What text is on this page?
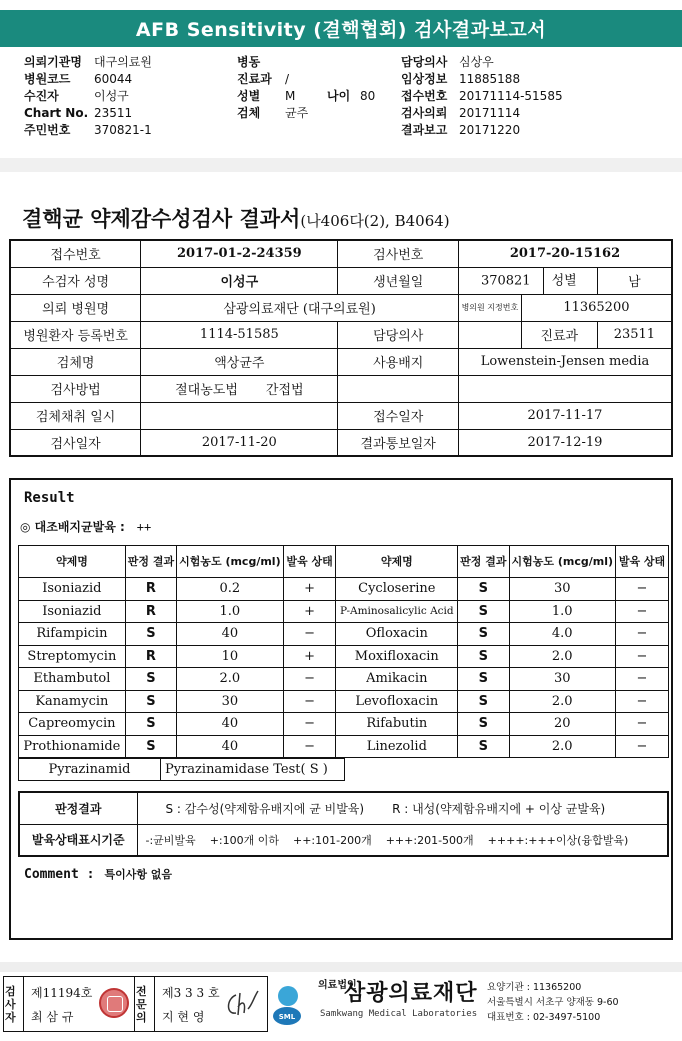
AFB Sensitivity (결핵협회) 검사결과보고서
의뢰기관명	대구의료원
병원코드	60044
수진자	이성구
Chart No. 23511
주민번호	370821-1
병동
진료과	/
성별	M	나이 80
검체	균주
담당의사 심상우
임상정보 11885188
접수번호 20171114-51585
검사의뢰 20171114
결과보고 20171220
결핵균 약제감수성검사 결과서(나406다(2), B4064)
접수번호	2017-01-2-24359	검사번호	2017-20-15162		
수검자 성명	이성구	생년월일	370821 성별		남
의뢰 병원명	삼광의료재단 (대구의료원)		병의원 지정번호	11365200	
병원환자 등록번호	1114-51585	담당의사		진료과	23511
검체명	액상균주	사용배지	Lowenstein-Jensen media		
검사방법	절대농도법 간접법				
검체채취 일시		접수일자	2017-11-17		
검사일자	2017-11-20	결과통보일자	2017-12-19		
Result
◎ 대조배지균발육 : ++
약제명	판정 결과	시험농도 (mcg/ml)	발육 상태	약제명	판정 결과	시험농도 (mcg/ml)	발육 상태
Isoniazid	R	0.2	+	Cycloserine	S	30	−
Isoniazid	R	1.0	+	P-Aminosalicylic Acid	S	1.0	−
Rifampicin	S	40	−	Ofloxacin	S	4.0	−
Streptomycin	R	10	+	Moxifloxacin	S	2.0	−
Ethambutol	S	2.0	−	Amikacin	S	30	−
Kanamycin	S	30	−	Levofloxacin	S	2.0	−
Capreomycin	S	40	−	Rifabutin	S	20	−
Prothionamide	S	40	−	Linezolid	S	2.0	−
Pyrazinamid	Pyrazinamidase Test( S )
판정결과	S : 감수성(약제함유배지에 균 비발육) R : 내성(약제함유배지에 + 이상 균발육)
발육상태표시기준	-:균비발육 +:100개 이하 ++:101-200개 +++:201-500개 ++++:+++이상(융합발육)
Comment : 특이사항 없음
검사자
제11194호
최 삼 규
전문의
제3 3 3 호
지 현 영	SML
의료법인
삼광의료재단
Samkwang Medical Laboratories
요양기관 : 11365200
서울특별시 서초구 양재동 9-60
대표번호 : 02-3497-5100
